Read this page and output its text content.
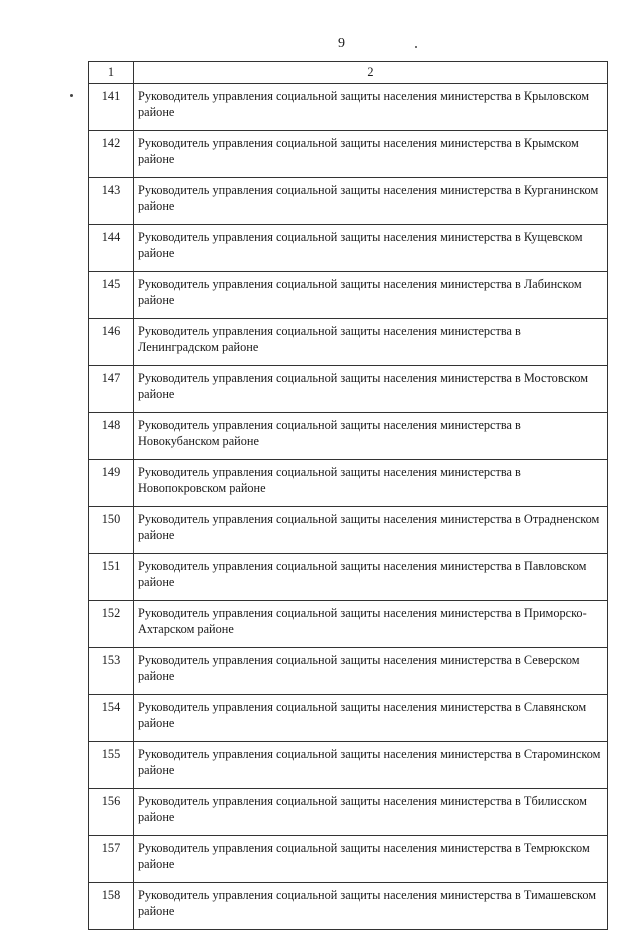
9
1	2
141	Руководитель управления социальной защиты населения министерства в Крыловском районе
142	Руководитель управления социальной защиты населения министерства в Крымском районе
143	Руководитель управления социальной защиты населения министерства в Курганинском районе
144	Руководитель управления социальной защиты населения министерства в Кущевском районе
145	Руководитель управления социальной защиты населения министерства в Лабинском районе
146	Руководитель управления социальной защиты населения министерства в Ленинградском районе
147	Руководитель управления социальной защиты населения министерства в Мостовском районе
148	Руководитель управления социальной защиты населения министерства в Новокубанском районе
149	Руководитель управления социальной защиты населения министерства в Новопокровском районе
150	Руководитель управления социальной защиты населения министерства в Отрадненском районе
151	Руководитель управления социальной защиты населения министерства в Павловском районе
152	Руководитель управления социальной защиты населения министерства в Приморско-Ахтарском районе
153	Руководитель управления социальной защиты населения министерства в Северском районе
154	Руководитель управления социальной защиты населения министерства в Славянском районе
155	Руководитель управления социальной защиты населения министерства в Староминском районе
156	Руководитель управления социальной защиты населения министерства в Тбилисском районе
157	Руководитель управления социальной защиты населения министерства в Темрюкском районе
158	Руководитель управления социальной защиты населения министерства в Тимашевском районе
